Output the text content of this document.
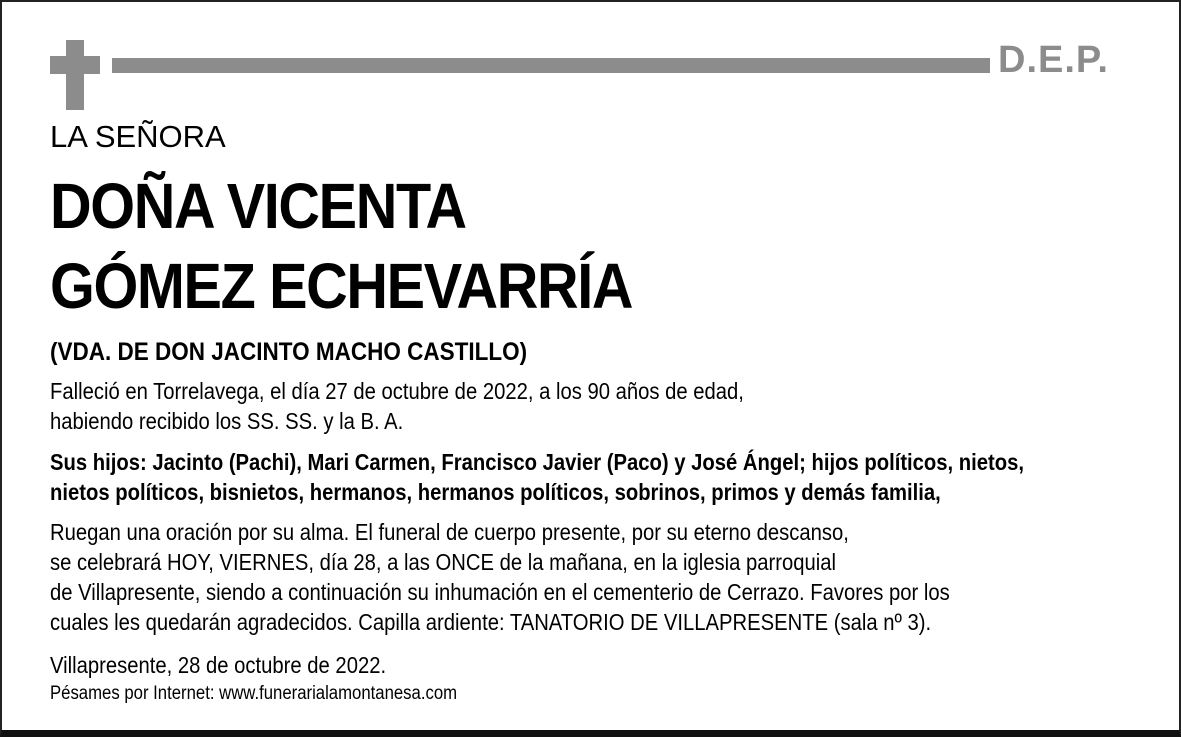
D.E.P.
LA SEÑORA
DOÑA VICENTA
GÓMEZ ECHEVARRÍA
(VDA. DE DON JACINTO MACHO CASTILLO)
Falleció en Torrelavega, el día 27 de octubre de 2022, a los 90 años de edad,
habiendo recibido los SS. SS. y la B. A.
Sus hijos: Jacinto (Pachi), Mari Carmen, Francisco Javier (Paco) y José Ángel; hijos políticos, nietos,
nietos políticos, bisnietos, hermanos, hermanos políticos, sobrinos, primos y demás familia,
Ruegan una oración por su alma. El funeral de cuerpo presente, por su eterno descanso,
se celebrará HOY, VIERNES, día 28, a las ONCE de la mañana, en la iglesia parroquial
de Villapresente, siendo a continuación su inhumación en el cementerio de Cerrazo. Favores por los
cuales les quedarán agradecidos. Capilla ardiente: TANATORIO DE VILLAPRESENTE (sala nº 3).
Villapresente, 28 de octubre de 2022.
Pésames por Internet: www.funerarialamontanesa.com
